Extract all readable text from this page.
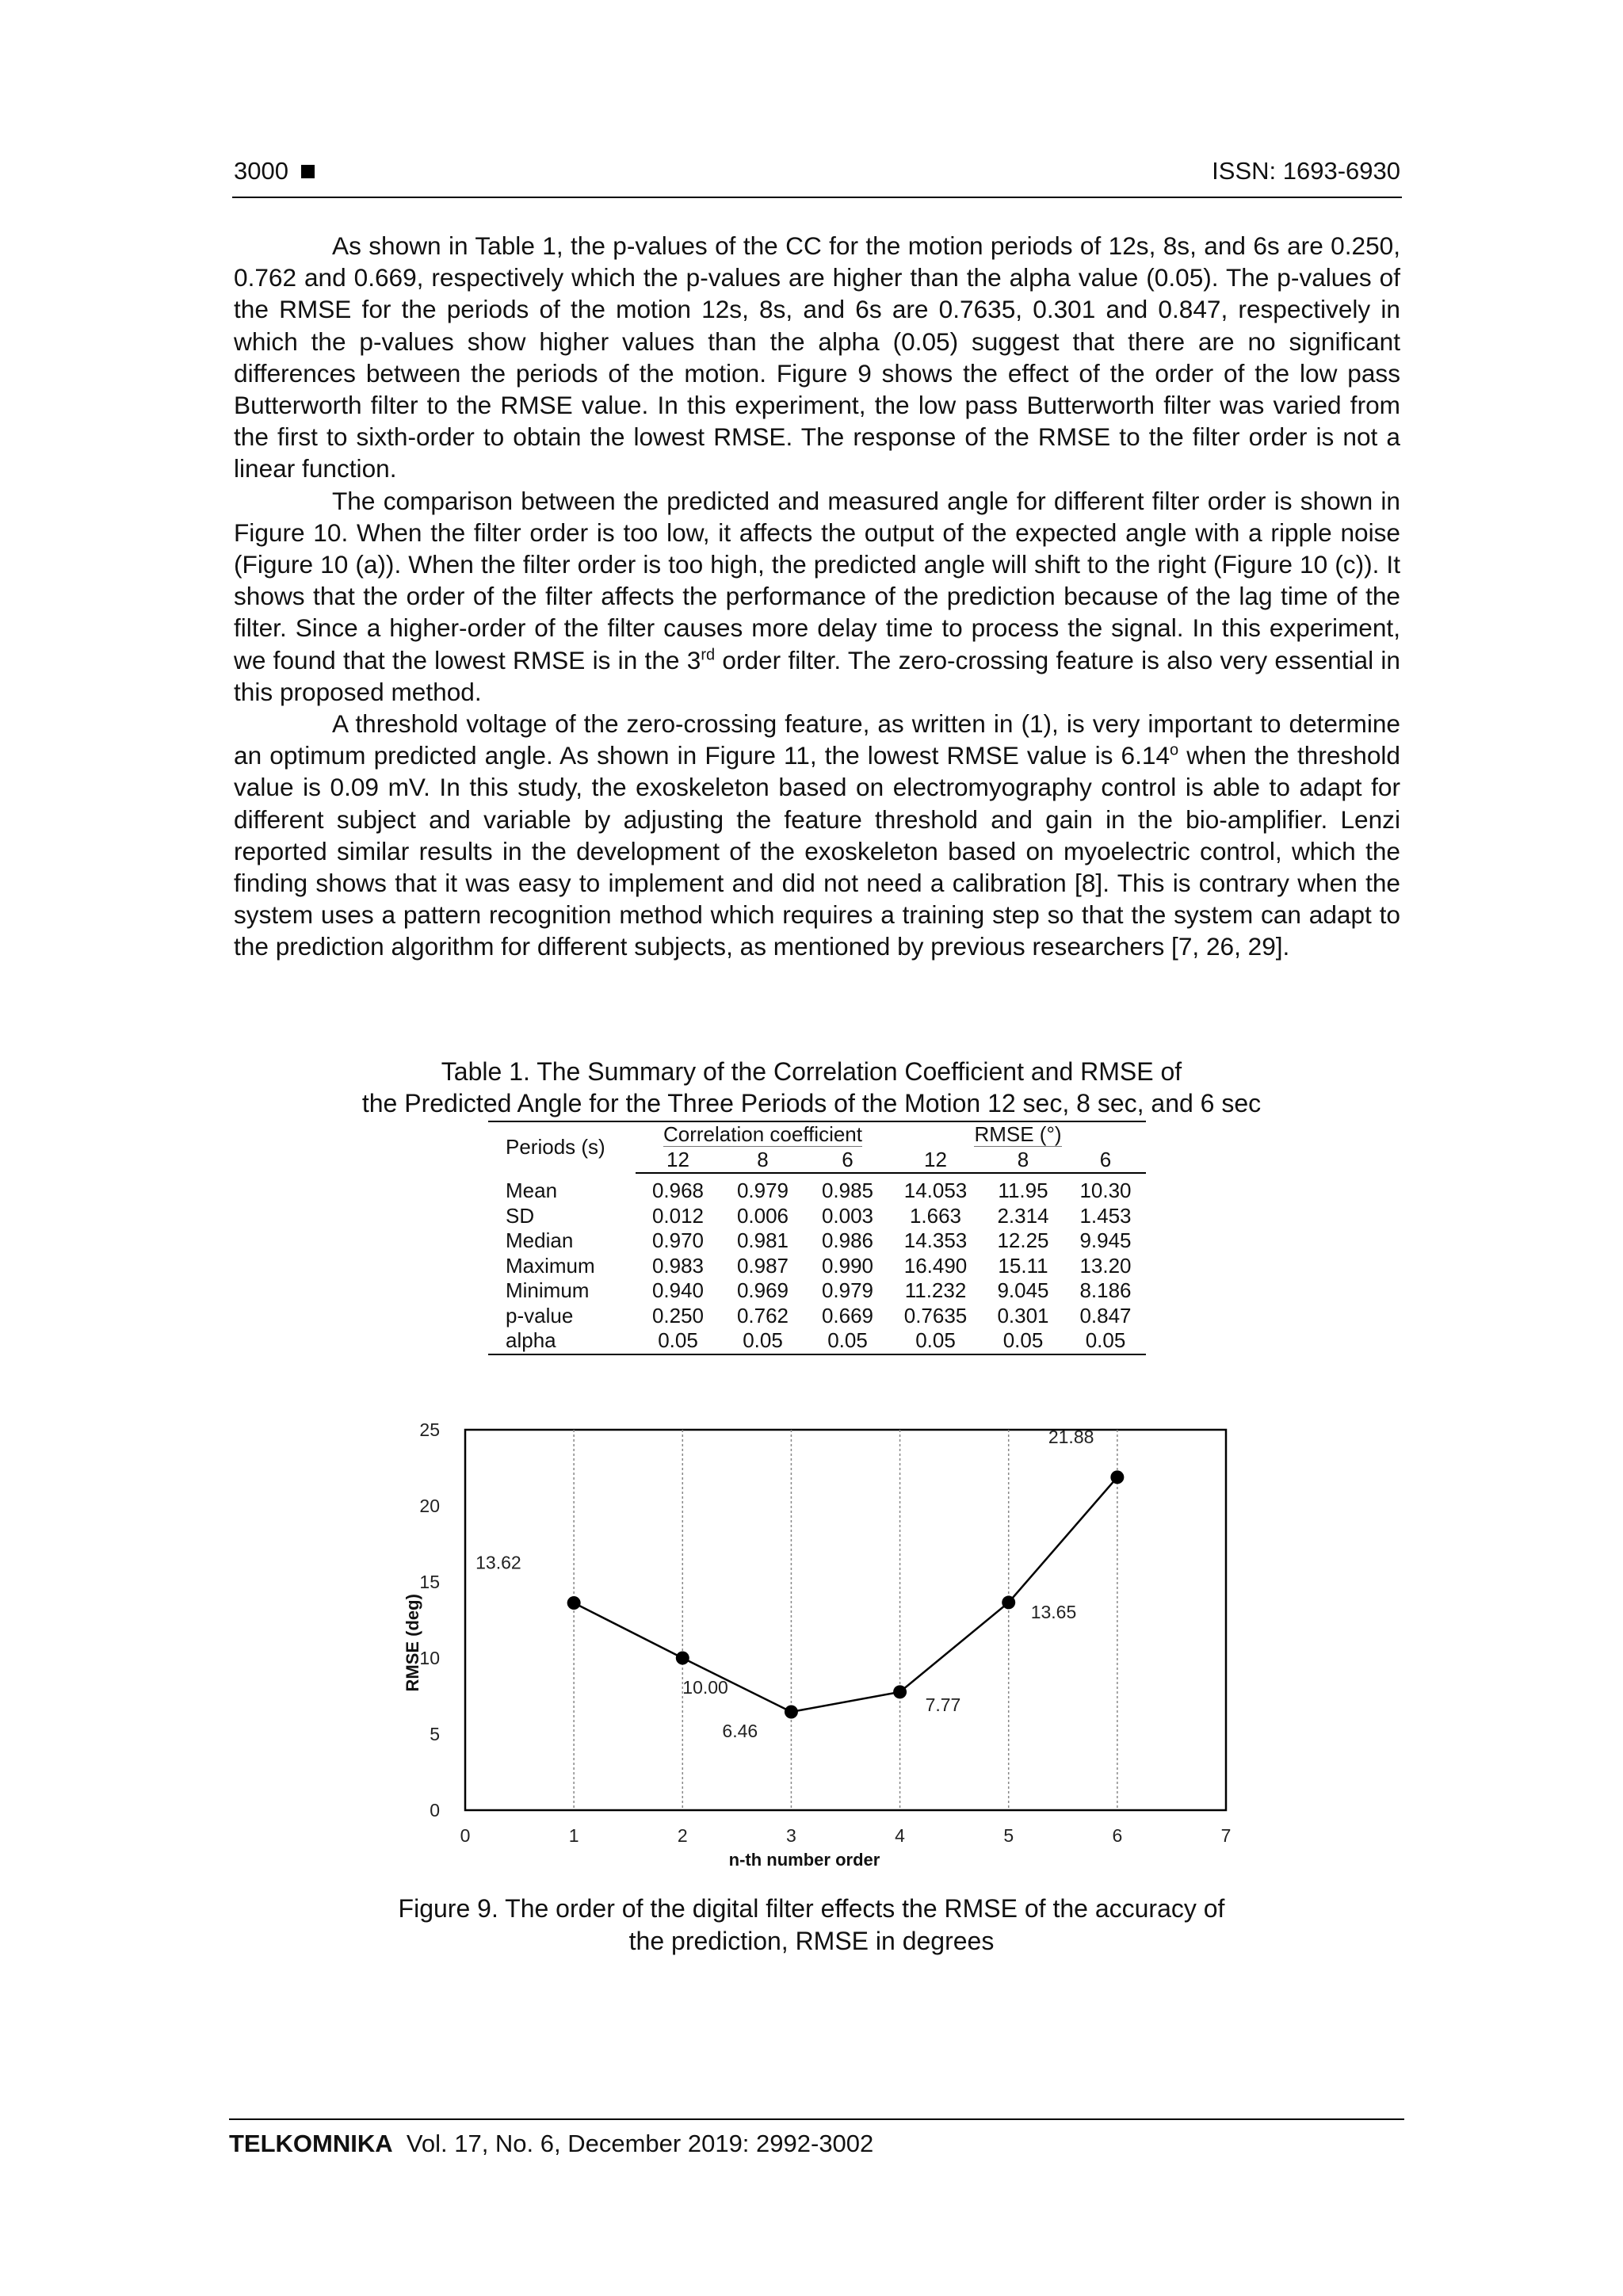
3000	ISSN: 1693-6930

As shown in Table 1, the p-values of the CC for the motion periods of 12s, 8s, and 6s are 0.250, 0.762 and 0.669, respectively which the p-values are higher than the alpha value (0.05). The p-values of the RMSE for the periods of the motion 12s, 8s, and 6s are 0.7635, 0.301 and 0.847, respectively in which the p-values show higher values than the alpha (0.05) suggest that there are no significant differences between the periods of the motion. Figure 9 shows the effect of the order of the low pass Butterworth filter to the RMSE value. In this experiment, the low pass Butterworth filter was varied from the first to sixth-order to obtain the lowest RMSE. The response of the RMSE to the filter order is not a linear function.

The comparison between the predicted and measured angle for different filter order is shown in Figure 10. When the filter order is too low, it affects the output of the expected angle with a ripple noise (Figure 10 (a)). When the filter order is too high, the predicted angle will shift to the right (Figure 10 (c)). It shows that the order of the filter affects the performance of the prediction because of the lag time of the filter. Since a higher-order of the filter causes more delay time to process the signal. In this experiment, we found that the lowest RMSE is in the 3rd order filter. The zero-crossing feature is also very essential in this proposed method.

A threshold voltage of the zero-crossing feature, as written in (1), is very important to determine an optimum predicted angle. As shown in Figure 11, the lowest RMSE value is 6.14$^o$ when the threshold value is 0.09 mV. In this study, the exoskeleton based on electromyography control is able to adapt for different subject and variable by adjusting the feature threshold and gain in the bio-amplifier. Lenzi reported similar results in the development of the exoskeleton based on myoelectric control, which the finding shows that it was easy to implement and did not need a calibration [8]. This is contrary when the system uses a pattern recognition method which requires a training step so that the system can adapt to the prediction algorithm for different subjects, as mentioned by previous researchers [7, 26, 29].

Table 1. The Summary of the Correlation Coefficient and RMSE of
the Predicted Angle for the Three Periods of the Motion 12 sec, 8 sec, and 6 sec
Periods (s)	Correlation coefficient			RMSE (°)		
	12	8	6	12	8	6
Mean	0.968	0.979	0.985	14.053	11.95	10.30
SD	0.012	0.006	0.003	1.663	2.314	1.453
Median	0.970	0.981	0.986	14.353	12.25	9.945
Maximum	0.983	0.987	0.990	16.490	15.11	13.20
Minimum	0.940	0.969	0.979	11.232	9.045	8.186
p-value	0.250	0.762	0.669	0.7635	0.301	0.847
alpha	0.05	0.05	0.05	0.05	0.05	0.05
0	1	2	3	4	5	6	7
0
5
10
15
20
25
n-th number order
RMSE (deg)
13.62
10.00
6.46
7.77
13.65
21.88
Figure 9. The order of the digital filter effects the RMSE of the accuracy of
the prediction, RMSE in degrees
TELKOMNIKA Vol. 17, No. 6, December 2019: 2992-3002
